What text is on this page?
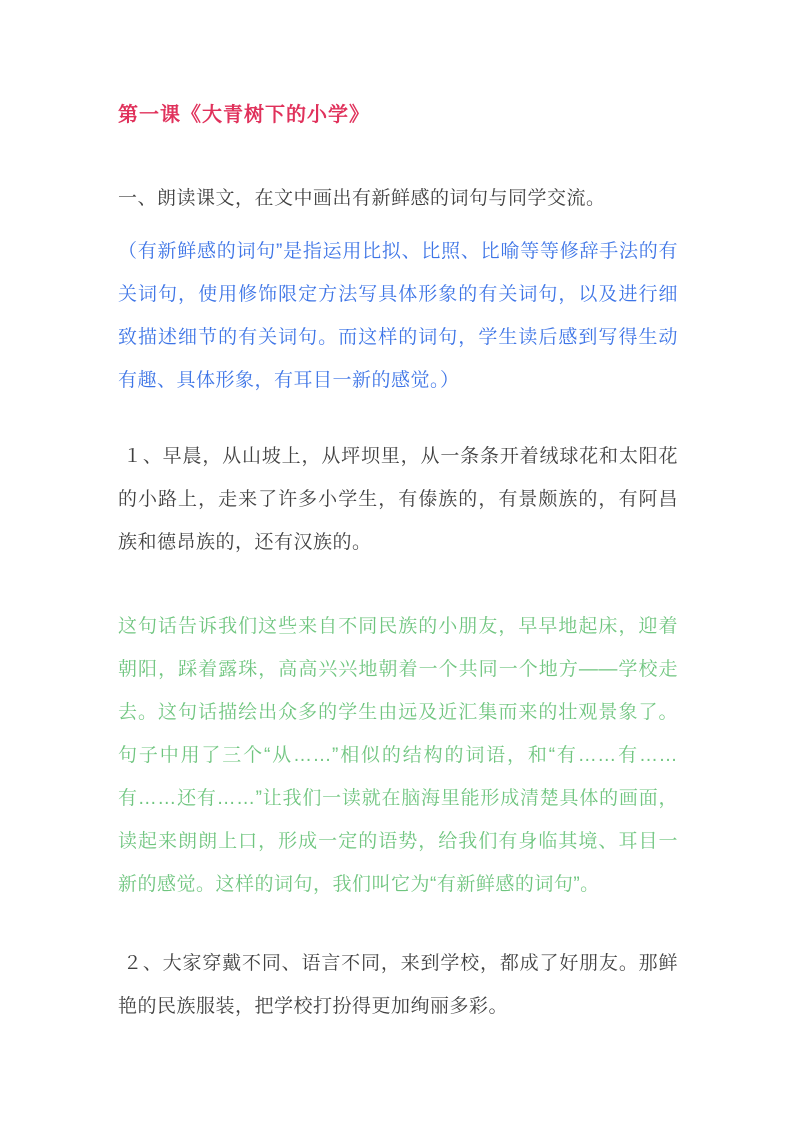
第一课《大青树下的小学》

一、朗读课文，在文中画出有新鲜感的词句与同学交流。

（有新鲜感的词句”是指运用比拟、比照、比喻等等修辞手法的有关词句，使用修饰限定方法写具体形象的有关词句，以及进行细致描述细节的有关词句。而这样的词句，学生读后感到写得生动有趣、具体形象，有耳目一新的感觉。）

１、早晨，从山坡上，从坪坝里，从一条条开着绒球花和太阳花的小路上，走来了许多小学生，有傣族的，有景颇族的，有阿昌族和德昂族的，还有汉族的。

这句话告诉我们这些来自不同民族的小朋友，早早地起床，迎着朝阳，踩着露珠，高高兴兴地朝着一个共同一个地方——学校走去。这句话描绘出众多的学生由远及近汇集而来的壮观景象了。句子中用了三个“从……”相似的结构的词语，和“有……有……有……还有……”让我们一读就在脑海里能形成清楚具体的画面，读起来朗朗上口，形成一定的语势，给我们有身临其境、耳目一新的感觉。这样的词句，我们叫它为“有新鲜感的词句”。

２、大家穿戴不同、语言不同，来到学校，都成了好朋友。那鲜艳的民族服装，把学校打扮得更加绚丽多彩。
